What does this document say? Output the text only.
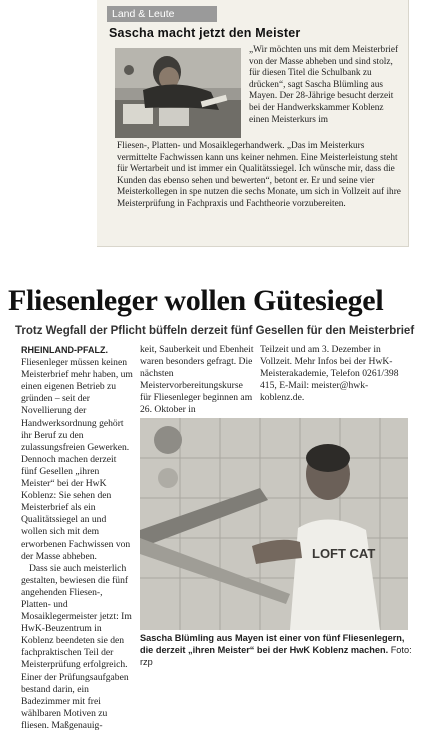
Land & Leute
Sascha macht jetzt den Meister
„Wir möchten uns mit dem Meisterbrief von der Masse abheben und sind stolz, für diesen Titel die Schulbank zu drücken“, sagt Sascha Blümling aus Mayen. Der 28-Jährige besucht derzeit bei der Handwerkskammer Koblenz einen Meisterkurs im
Fliesen-, Platten- und Mosaiklegerhandwerk. „Das im Meisterkurs vermittelte Fachwissen kann uns keiner nehmen. Eine Meisterleistung steht für Wertarbeit und ist immer ein Qualitätssiegel. Ich wünsche mir, dass die Kunden das ebenso sehen und bewerten“, betont er. Er und seine vier Meisterkollegen in spe nutzen die sechs Monate, um sich in Vollzeit auf ihre Meisterprüfung in Fachpraxis und Fachtheorie vorzubereiten.
Fliesenleger wollen Gütesiegel
Trotz Wegfall der Pflicht büffeln derzeit fünf Gesellen für den Meisterbrief
RHEINLAND-PFALZ. Fliesenleger müssen keinen Meisterbrief mehr haben, um einen eigenen Betrieb zu gründen – seit der Novellierung der Handwerksordnung gehört ihr Beruf zu den zulassungsfreien Gewerken. Dennoch machen derzeit fünf Gesellen „ihren Meister“ bei der HwK Koblenz: Sie sehen den Meisterbrief als ein Qualitätssiegel an und wollen sich mit dem erworbenen Fachwissen von der Masse abheben.
Dass sie auch meisterlich gestalten, bewiesen die fünf angehenden Fliesen-, Platten- und Mosaiklegermeister jetzt: Im HwK-Beuzentrum in Koblenz beendeten sie den fachpraktischen Teil der Meisterprüfung erfolgreich. Einer der Prüfungsaufgaben bestand darin, ein Badezimmer mit frei wählbaren Motiven zu fliesen. Maßgenauig-
keit, Sauberkeit und Ebenheit waren besonders gefragt. Die nächsten Meistervorbereitungskurse für Fliesenleger beginnen am 26. Oktober in
Teilzeit und am 3. Dezember in Vollzeit. Mehr Infos bei der HwK-Meisterakademie, Telefon 0261/398 415, E-Mail: meister@hwk-koblenz.de.
LOFT CAT
Sascha Blümling aus Mayen ist einer von fünf Fliesenlegern, die derzeit „ihren Meister“ bei der HwK Koblenz machen. Foto: rzp
